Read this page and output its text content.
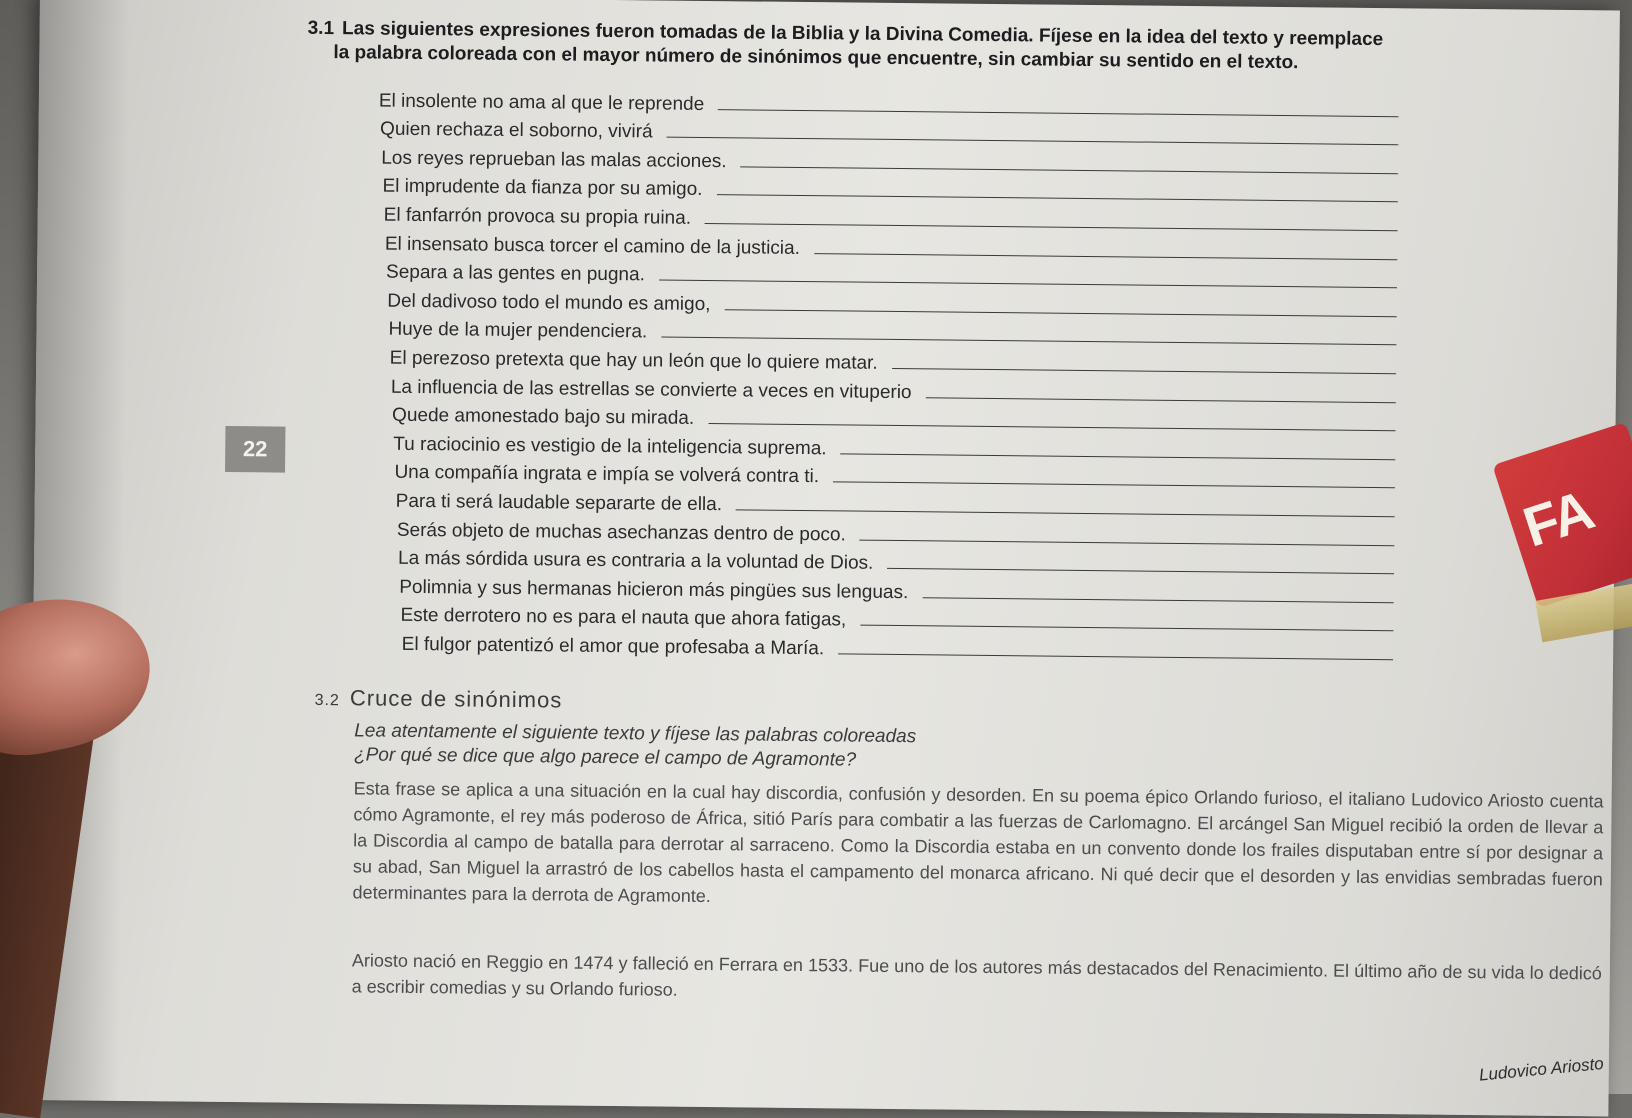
3.1 Las siguientes expresiones fueron tomadas de la Biblia y la Divina Comedia. Fíjese en la idea del texto y reemplace
la palabra coloreada con el mayor número de sinónimos que encuentre, sin cambiar su sentido en el texto.
El insolente no ama al que le reprende
Quien rechaza el soborno, vivirá
Los reyes reprueban las malas acciones.
El imprudente da fianza por su amigo.
El fanfarrón provoca su propia ruina.
El insensato busca torcer el camino de la justicia.
Separa a las gentes en pugna.
Del dadivoso todo el mundo es amigo,
Huye de la mujer pendenciera.
El perezoso pretexta que hay un león que lo quiere matar.
La influencia de las estrellas se convierte a veces en vituperio
Quede amonestado bajo su mirada.
Tu raciocinio es vestigio de la inteligencia suprema.
Una compañía ingrata e impía se volverá contra ti.
Para ti será laudable separarte de ella.
Serás objeto de muchas asechanzas dentro de poco.
La más sórdida usura es contraria a la voluntad de Dios.
Polimnia y sus hermanas hicieron más pingües sus lenguas.
Este derrotero no es para el nauta que ahora fatigas,
El fulgor patentizó el amor que profesaba a María.
22
3.2 Cruce de sinónimos
Lea atentamente el siguiente texto y fíjese las palabras coloreadas
¿Por qué se dice que algo parece el campo de Agramonte?
Esta frase se aplica a una situación en la cual hay discordia, confusión y desorden. En su poema épico Orlando furioso, el italiano Ludovico Ariosto cuenta cómo Agramonte, el rey más poderoso de África, sitió París para combatir a las fuerzas de Carlomagno. El arcángel San Miguel recibió la orden de llevar a la Discordia al campo de batalla para derrotar al sarraceno. Como la Discordia estaba en un convento donde los frailes disputaban entre sí por designar a su abad, San Miguel la arrastró de los cabellos hasta el campamento del monarca africano. Ni qué decir que el desorden y las envidias sembradas fueron determinantes para la derrota de Agramonte.
Ariosto nació en Reggio en 1474 y falleció en Ferrara en 1533. Fue uno de los autores más destacados del Renacimiento. El último año de su vida lo dedicó a escribir comedias y su Orlando furioso.
Ludovico Ariosto
FA
